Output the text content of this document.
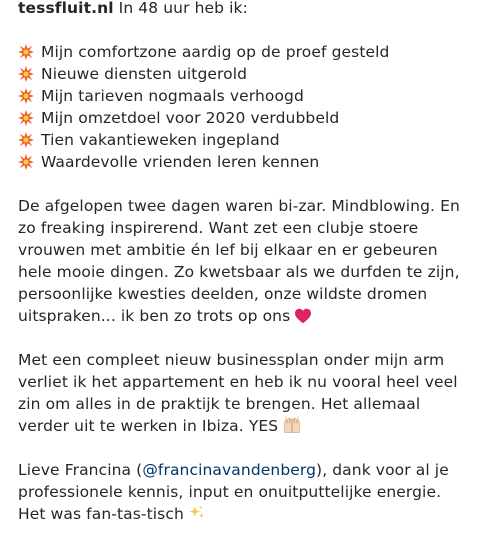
tessfluit.nl In 48 uur heb ik:
Mijn comfortzone aardig op de proef gesteld
Nieuwe diensten uitgerold
Mijn tarieven nogmaals verhoogd
Mijn omzetdoel voor 2020 verdubbeld
Tien vakantieweken ingepland
Waardevolle vrienden leren kennen
De afgelopen twee dagen waren bi-zar. Mindblowing. En
zo freaking inspirerend. Want zet een clubje stoere
vrouwen met ambitie én lef bij elkaar en er gebeuren
hele mooie dingen. Zo kwetsbaar als we durfden te zijn,
persoonlijke kwesties deelden, onze wildste dromen
uitspraken... ik ben zo trots op ons
Met een compleet nieuw businessplan onder mijn arm
verliet ik het appartement en heb ik nu vooral heel veel
zin om alles in de praktijk te brengen. Het allemaal
verder uit te werken in Ibiza. YES
Lieve Francina (@francinavandenberg), dank voor al je
professionele kennis, input en onuitputtelijke energie.
Het was fan-tas-tisch
